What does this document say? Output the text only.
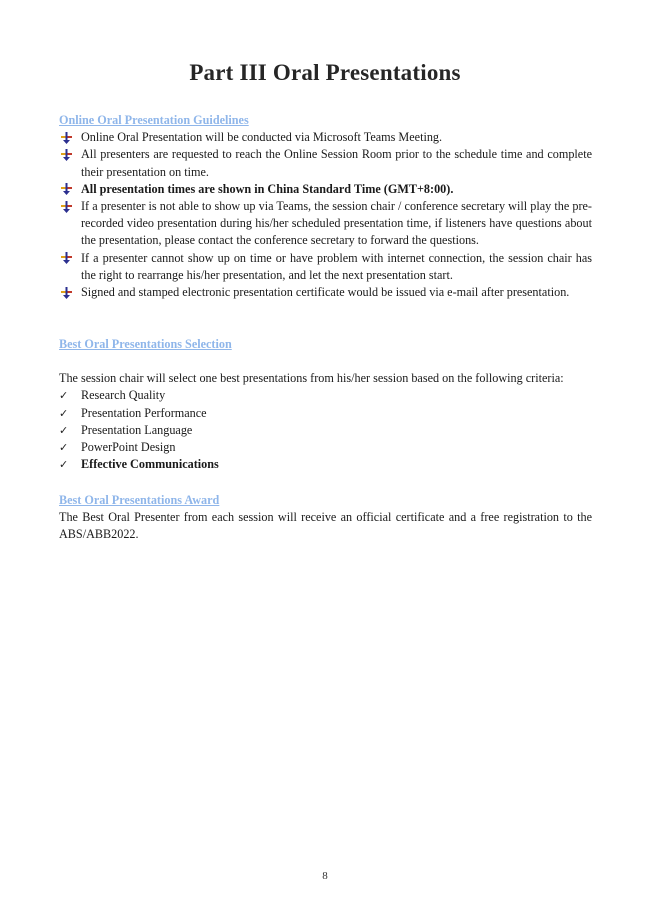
Part III Oral Presentations
Online Oral Presentation Guidelines
Online Oral Presentation will be conducted via Microsoft Teams Meeting.
All presenters are requested to reach the Online Session Room prior to the schedule time and complete their presentation on time.
All presentation times are shown in China Standard Time (GMT+8:00).
If a presenter is not able to show up via Teams, the session chair / conference secretary will play the pre-recorded video presentation during his/her scheduled presentation time, if listeners have questions about the presentation, please contact the conference secretary to forward the questions.
If a presenter cannot show up on time or have problem with internet connection, the session chair has the right to rearrange his/her presentation, and let the next presentation start.
Signed and stamped electronic presentation certificate would be issued via e-mail after presentation.
Best Oral Presentations Selection
The session chair will select one best presentations from his/her session based on the following criteria:
✓ Research Quality
✓ Presentation Performance
✓ Presentation Language
✓ PowerPoint Design
✓ Effective Communications
Best Oral Presentations Award
The Best Oral Presenter from each session will receive an official certificate and a free registration to the ABS/ABB2022.
8
